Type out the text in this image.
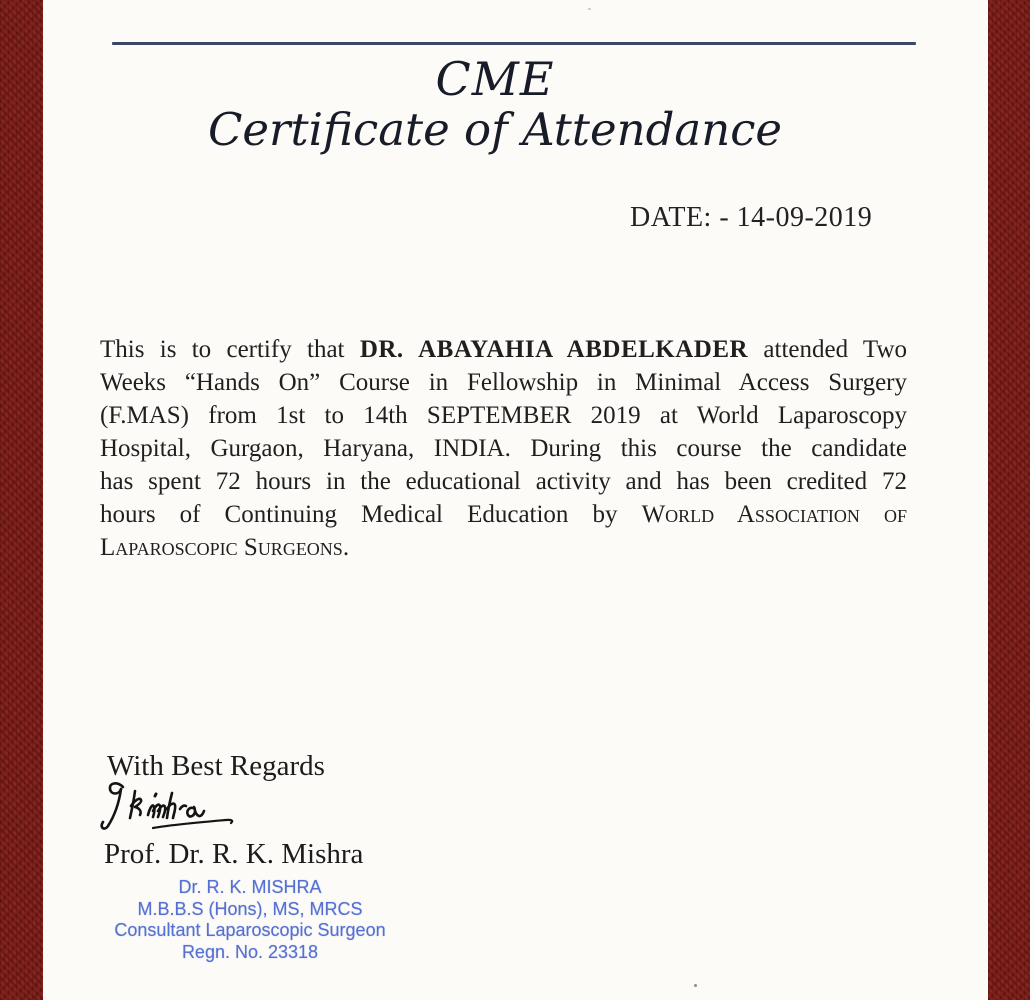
CME
Certificate of Attendance
DATE: - 14-09-2019
This is to certify that DR. ABAYAHIA ABDELKADER attended Two
Weeks “Hands On” Course in Fellowship in Minimal Access Surgery
(F.MAS) from 1st to 14th SEPTEMBER 2019 at World Laparoscopy
Hospital, Gurgaon, Haryana, INDIA. During this course the candidate
has spent 72 hours in the educational activity and has been credited 72
hours of Continuing Medical Education by World Association of
Laparoscopic Surgeons.
With Best Regards
Prof. Dr. R. K. Mishra
Dr. R. K. MISHRA
M.B.B.S (Hons), MS, MRCS
Consultant Laparoscopic Surgeon
Regn. No. 23318
